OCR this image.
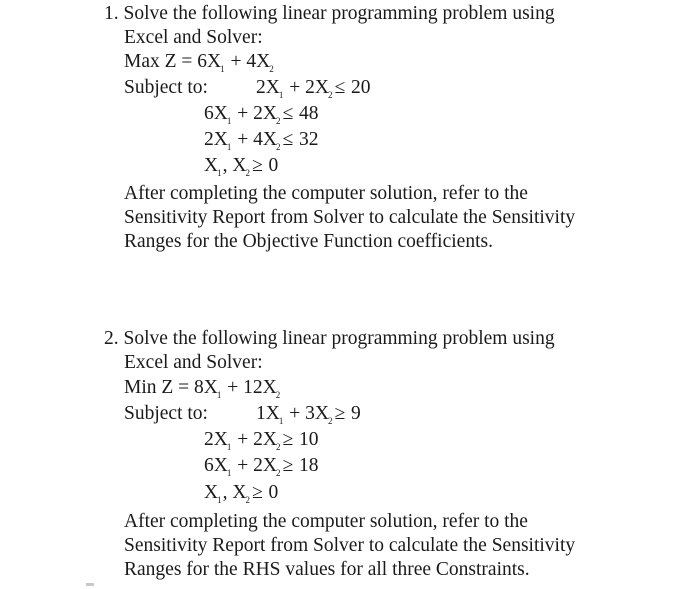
1. Solve the following linear programming problem using
Excel and Solver:
Max $Z = 6X_1 + 4X_2$
Subject to: $2X_1 + 2X_2 \le 20$
$6X_1 + 2X_2 \le 48$
$2X_1 + 4X_2 \le 32$
$X_1$, $X_2 \ge 0$
After completing the computer solution, refer to the
Sensitivity Report from Solver to calculate the Sensitivity
Ranges for the Objective Function coefficients.
2. Solve the following linear programming problem using
Excel and Solver:
Min $Z = 8X_1 + 12X_2$
Subject to: $1X_1 + 3X_2 \ge 9$
$2X_1 + 2X_2 \ge 10$
$6X_1 + 2X_2 \ge 18$
$X_1$, $X_2 \ge 0$
After completing the computer solution, refer to the
Sensitivity Report from Solver to calculate the Sensitivity
Ranges for the RHS values for all three Constraints.
